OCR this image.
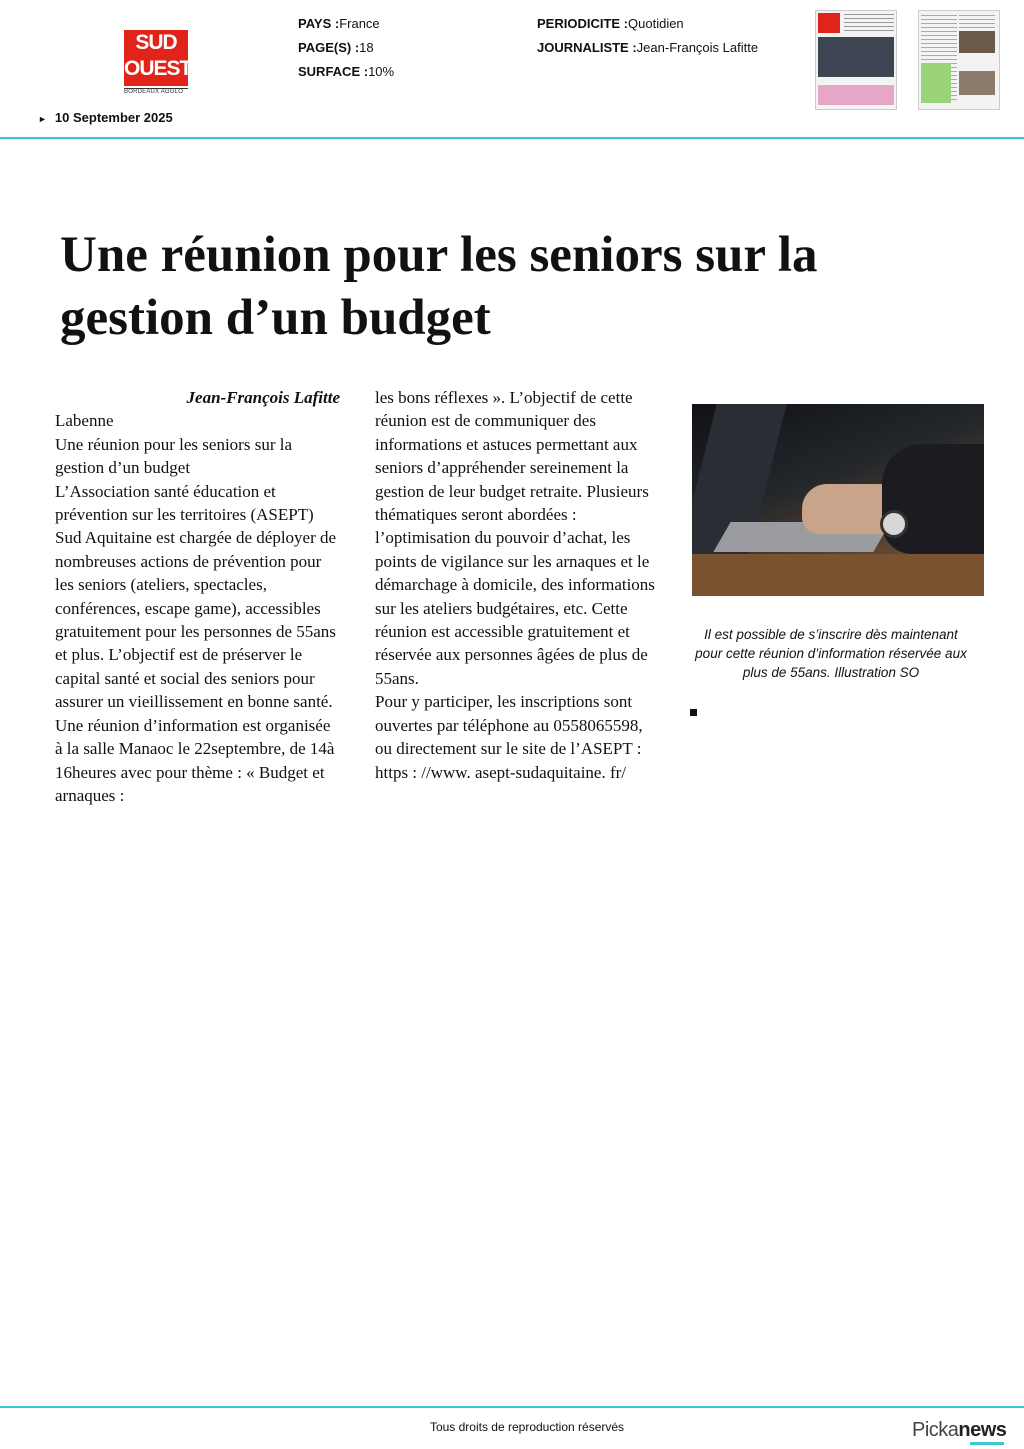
SUD
OUEST
BORDEAUX AGGLO
PAYS :France
PAGE(S) :18
SURFACE :10%
PERIODICITE :Quotidien
JOURNALISTE :Jean-François Lafitte
► 10 September 2025
Une réunion pour les seniors sur la gestion d’un budget
Jean-François Lafitte

Labenne

Une réunion pour les seniors sur la gestion d’un budget

L’Association santé éducation et prévention sur les territoires (ASEPT) Sud Aquitaine est chargée de déployer de nombreuses actions de prévention pour les seniors (ateliers, spectacles, conférences, escape game), accessibles gratuitement pour les personnes de 55ans et plus. L’objectif est de préserver le capital santé et social des seniors pour assurer un vieillissement en bonne santé.

Une réunion d’information est organisée à la salle Manaoc le 22septembre, de 14à 16heures avec pour thème : « Budget et arnaques :

les bons réflexes ». L’objectif de cette réunion est de communiquer des informations et astuces permettant aux seniors d’appréhender sereinement la gestion de leur budget retraite. Plusieurs thématiques seront abordées : l’optimisation du pouvoir d’achat, les points de vigilance sur les arnaques et le démarchage à domicile, des informations sur les ateliers budgétaires, etc. Cette réunion est accessible gratuitement et réservée aux personnes âgées de plus de 55ans.

Pour y participer, les inscriptions sont ouvertes par téléphone au 0558065598, ou directement sur le site de l’ASEPT : https : //www. asept-sudaquitaine. fr/

Il est possible de s’inscrire dès maintenant pour cette réunion d’information réservée aux plus de 55ans. Illustration SO
Tous droits de reproduction réservés	Pickanews
